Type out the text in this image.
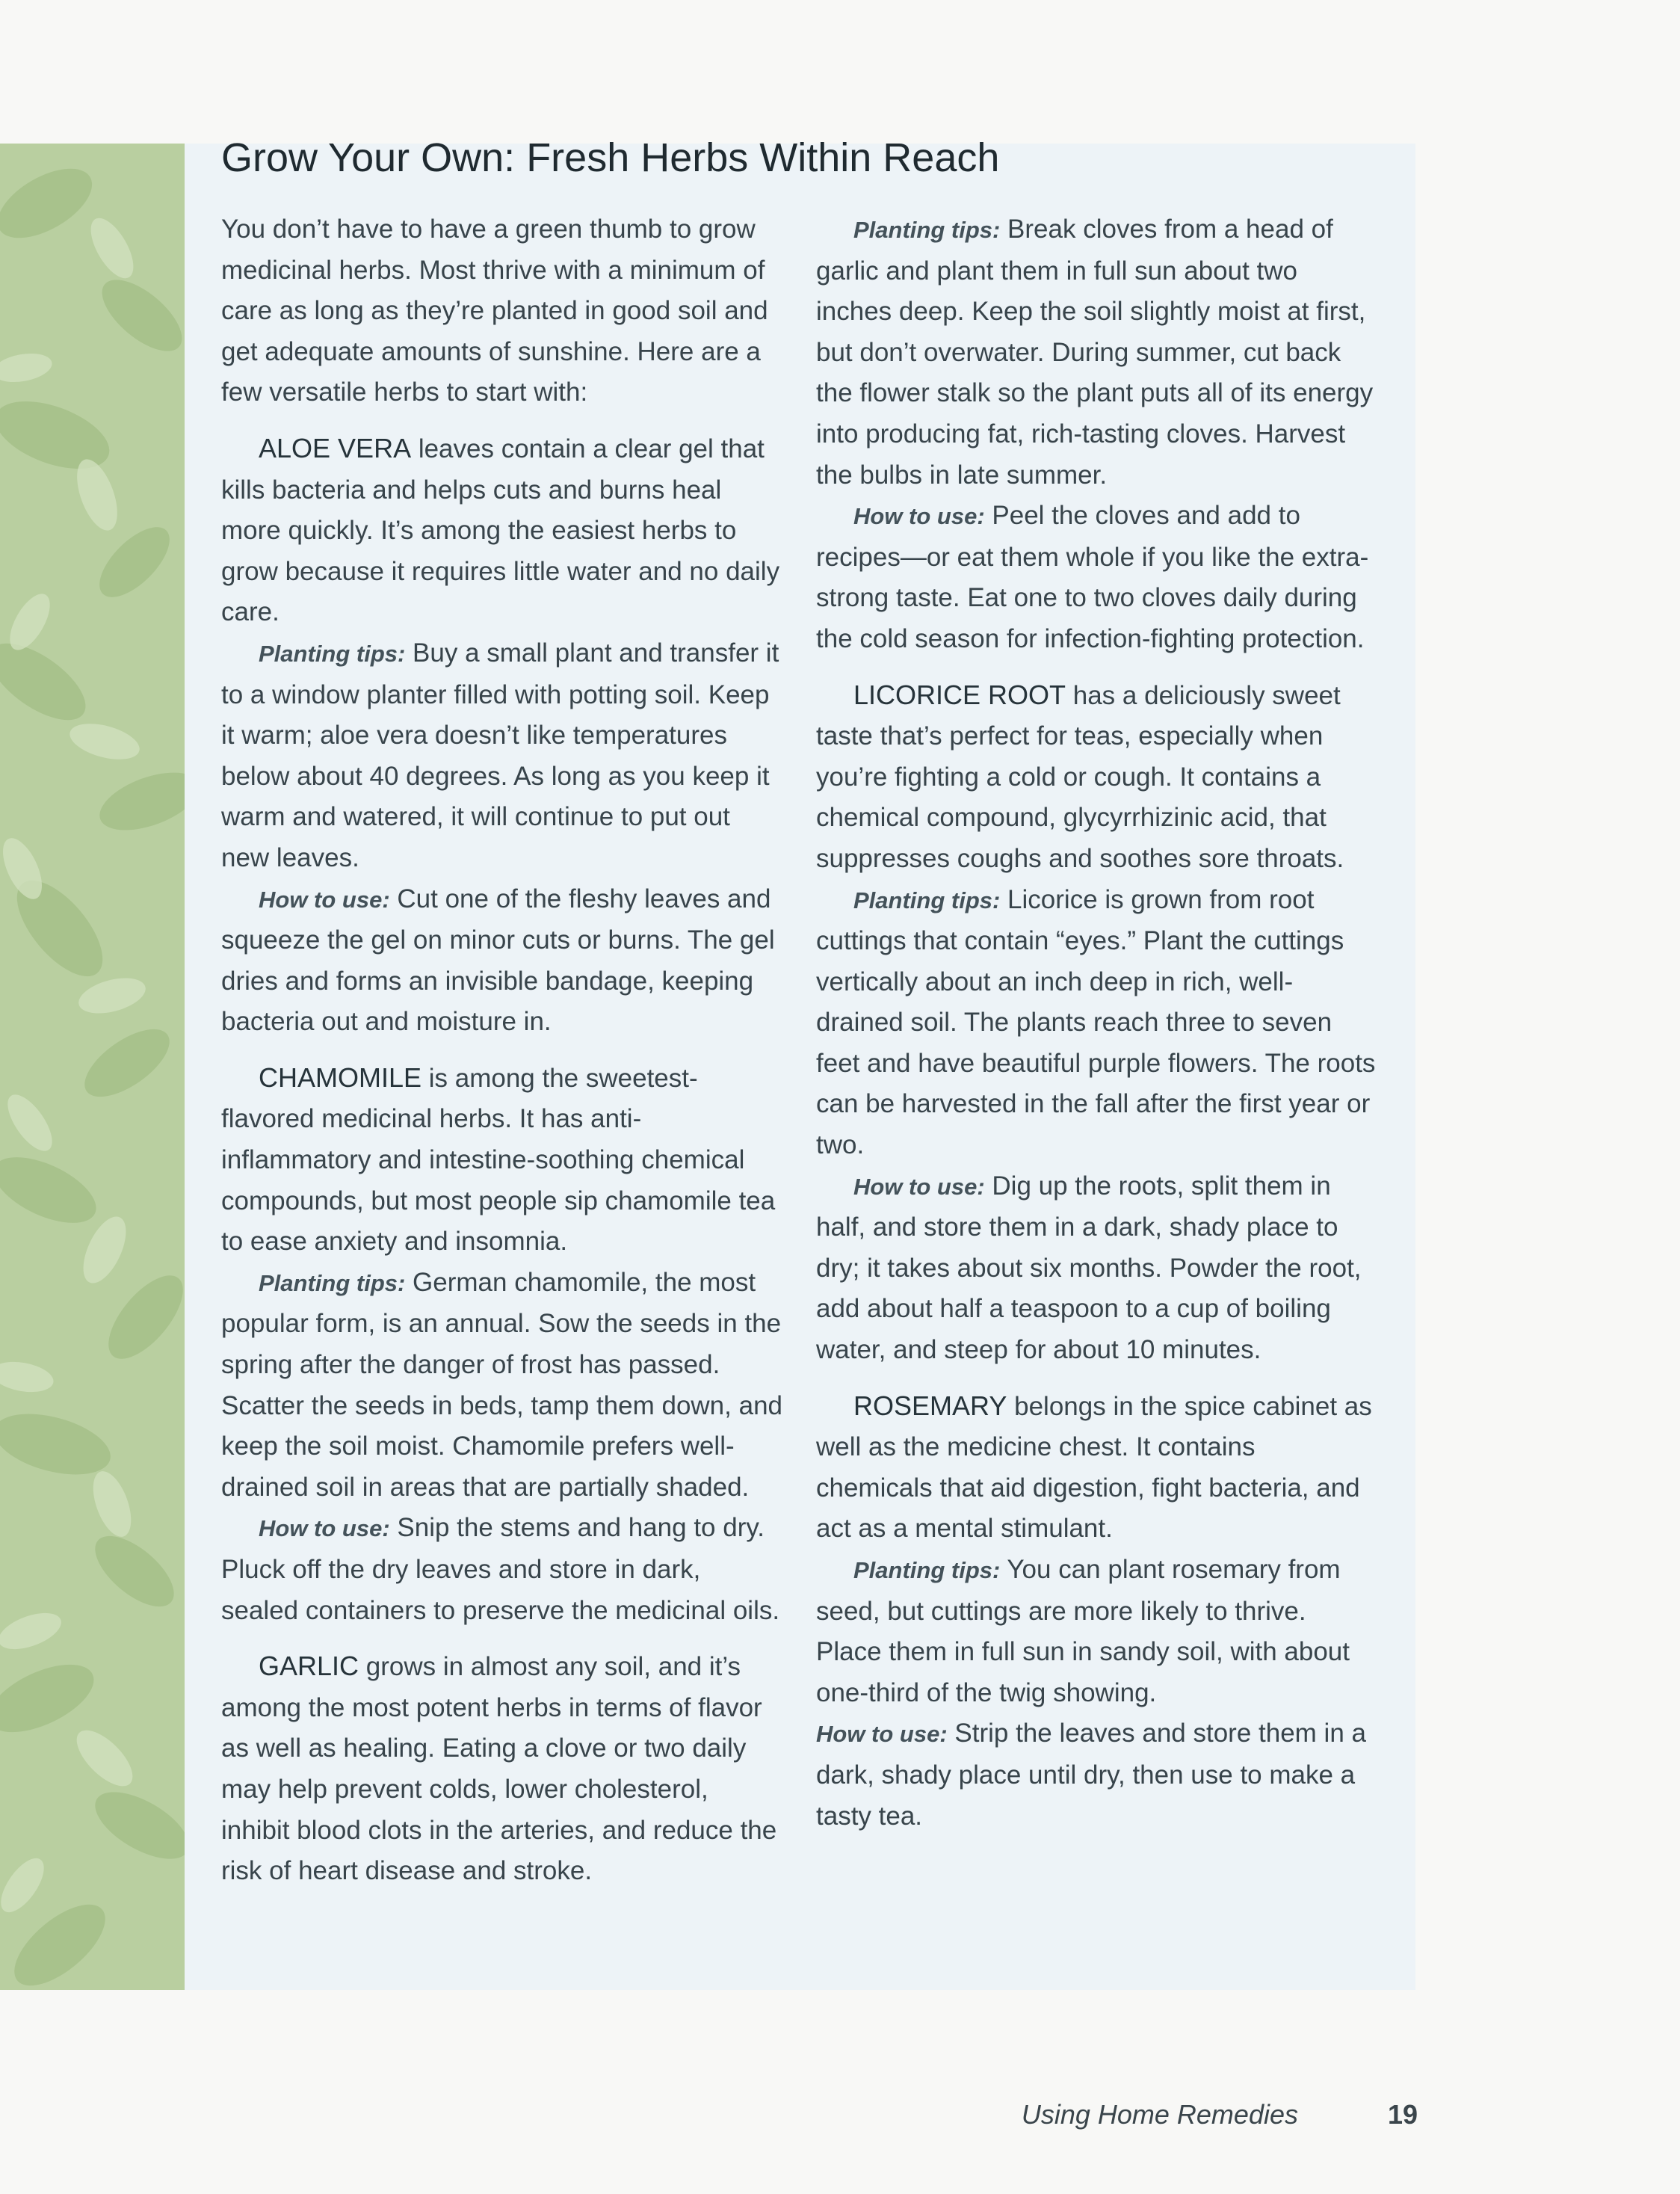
Grow Your Own: Fresh Herbs Within Reach

You don’t have to have a green thumb to grow medicinal herbs. Most thrive with a minimum of care as long as they’re planted in good soil and get adequate amounts of sunshine. Here are a few versatile herbs to start with:

ALOE VERA leaves contain a clear gel that kills bacteria and helps cuts and burns heal more quickly. It’s among the easiest herbs to grow because it requires little water and no daily care.

Planting tips: Buy a small plant and transfer it to a window planter filled with potting soil. Keep it warm; aloe vera doesn’t like temperatures below about 40 degrees. As long as you keep it warm and watered, it will continue to put out new leaves.

How to use: Cut one of the fleshy leaves and squeeze the gel on minor cuts or burns. The gel dries and forms an invisible bandage, keeping bacteria out and moisture in.

CHAMOMILE is among the sweetest-flavored medicinal herbs. It has anti-inflammatory and intestine-soothing chemical compounds, but most people sip chamomile tea to ease anxiety and insomnia.

Planting tips: German chamomile, the most popular form, is an annual. Sow the seeds in the spring after the danger of frost has passed. Scatter the seeds in beds, tamp them down, and keep the soil moist. Chamomile prefers well-drained soil in areas that are partially shaded.

How to use: Snip the stems and hang to dry. Pluck off the dry leaves and store in dark, sealed containers to preserve the medicinal oils.

GARLIC grows in almost any soil, and it’s among the most potent herbs in terms of flavor as well as healing. Eating a clove or two daily may help prevent colds, lower cholesterol, inhibit blood clots in the arteries, and reduce the risk of heart disease and stroke.

Planting tips: Break cloves from a head of garlic and plant them in full sun about two inches deep. Keep the soil slightly moist at first, but don’t overwater. During summer, cut back the flower stalk so the plant puts all of its energy into producing fat, rich-tasting cloves. Harvest the bulbs in late summer.

How to use: Peel the cloves and add to recipes—or eat them whole if you like the extra-strong taste. Eat one to two cloves daily during the cold season for infection-fighting protection.

LICORICE ROOT has a deliciously sweet taste that’s perfect for teas, especially when you’re fighting a cold or cough. It contains a chemical compound, glycyrrhizinic acid, that suppresses coughs and soothes sore throats.

Planting tips: Licorice is grown from root cuttings that contain “eyes.” Plant the cuttings vertically about an inch deep in rich, well-drained soil. The plants reach three to seven feet and have beautiful purple flowers. The roots can be harvested in the fall after the first year or two.

How to use: Dig up the roots, split them in half, and store them in a dark, shady place to dry; it takes about six months. Powder the root, add about half a teaspoon to a cup of boiling water, and steep for about 10 minutes.

ROSEMARY belongs in the spice cabinet as well as the medicine chest. It contains chemicals that aid digestion, fight bacteria, and act as a mental stimulant.

Planting tips: You can plant rosemary from seed, but cuttings are more likely to thrive. Place them in full sun in sandy soil, with about one-third of the twig showing.

How to use: Strip the leaves and store them in a dark, shady place until dry, then use to make a tasty tea.

Using Home Remedies	19
